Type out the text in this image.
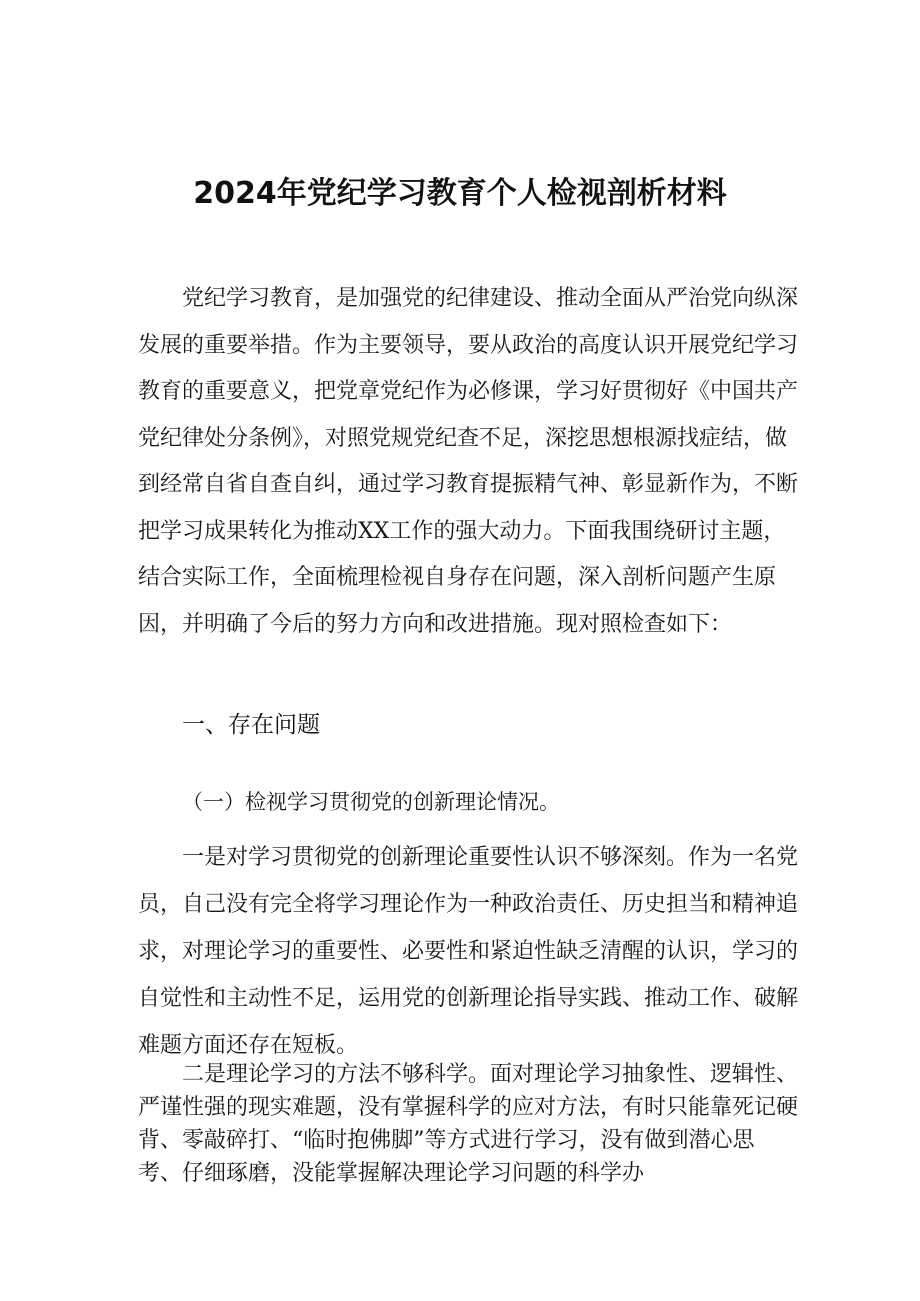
2024年党纪学习教育个人检视剖析材料

党纪学习教育，是加强党的纪律建设、推动全面从严治党向纵深发展的重要举措。作为主要领导，要从政治的高度认识开展党纪学习教育的重要意义，把党章党纪作为必修课，学习好贯彻好《中国共产党纪律处分条例》，对照党规党纪查不足，深挖思想根源找症结，做到经常自省自查自纠，通过学习教育提振精气神、彰显新作为，不断把学习成果转化为推动XX工作的强大动力。下面我围绕研讨主题，结合实际工作，全面梳理检视自身存在问题，深入剖析问题产生原因，并明确了今后的努力方向和改进措施。现对照检查如下：

一、存在问题
（一）检视学习贯彻党的创新理论情况。

一是对学习贯彻党的创新理论重要性认识不够深刻。作为一名党员，自己没有完全将学习理论作为一种政治责任、历史担当和精神追求，对理论学习的重要性、必要性和紧迫性缺乏清醒的认识，学习的自觉性和主动性不足，运用党的创新理论指导实践、推动工作、破解难题方面还存在短板。

二是理论学习的方法不够科学。面对理论学习抽象性、逻辑性、严谨性强的现实难题，没有掌握科学的应对方法，有时只能靠死记硬背、零敲碎打、“临时抱佛脚”等方式进行学习，没有做到潜心思考、仔细琢磨，没能掌握解决理论学习问题的科学办
